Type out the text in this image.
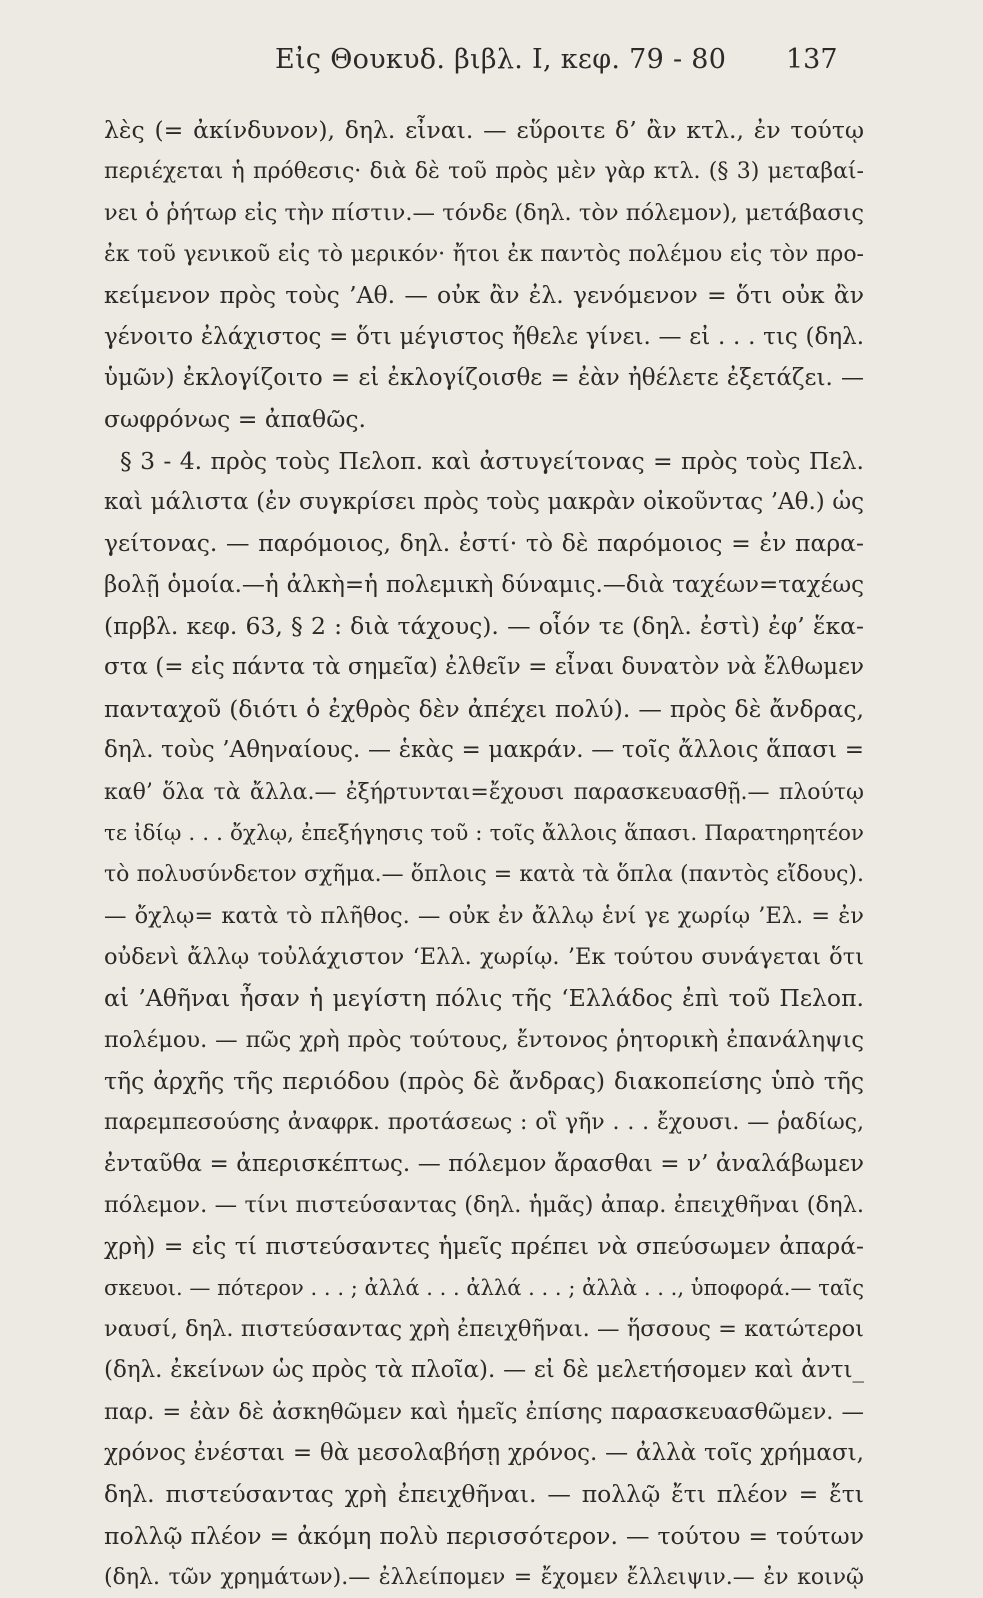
Εἰς Θουκυδ. βιβλ. I, κεφ. 79 - 80 137
λὲς (= ἀκίνδυνον), δηλ. εἶναι. — εὕροιτε δ’ ἂν κτλ., ἐν τούτῳ
περιέχεται ἡ πρόθεσις· διὰ δὲ τοῦ πρὸς μὲν γὰρ κτλ. (§ 3) μεταβαί-
νει ὁ ῥήτωρ εἰς τὴν πίστιν.— τόνδε (δηλ. τὸν πόλεμον), μετάβασις
ἐκ τοῦ γενικοῦ εἰς τὸ μερικόν· ἤτοι ἐκ παντὸς πολέμου εἰς τὸν προ-
κείμενον πρὸς τοὺς ’Αθ. — οὐκ ἂν ἐλ. γενόμενον = ὅτι οὐκ ἂν
γένοιτο ἐλάχιστος = ὅτι μέγιστος ἤθελε γίνει. — εἰ . . . τις (δηλ.
ὑμῶν) ἐκλογίζοιτο = εἰ ἐκλογίζοισθε = ἐὰν ἠθέλετε ἐξετάζει. —
σωφρόνως = ἀπαθῶς.
§ 3 - 4. πρὸς τοὺς Πελοπ. καὶ ἀστυγείτονας = πρὸς τοὺς Πελ.
καὶ μάλιστα (ἐν συγκρίσει πρὸς τοὺς μακρὰν οἰκοῦντας ’Αθ.) ὡς
γείτονας. — παρόμοιος, δηλ. ἐστί· τὸ δὲ παρόμοιος = ἐν παρα-
βολῇ ὁμοία.—ἡ ἀλκὴ=ἡ πολεμικὴ δύναμις.—διὰ ταχέων=ταχέως
(πρβλ. κεφ. 63, § 2 : διὰ τάχους). — οἷόν τε (δηλ. ἐστὶ) ἐφ’ ἕκα-
στα (= εἰς πάντα τὰ σημεῖα) ἐλθεῖν = εἶναι δυνατὸν νὰ ἔλθωμεν
πανταχοῦ (διότι ὁ ἐχθρὸς δὲν ἀπέχει πολύ). — πρὸς δὲ ἄνδρας,
δηλ. τοὺς ’Αθηναίους. — ἑκὰς = μακράν. — τοῖς ἄλλοις ἅπασι =
καθ’ ὅλα τὰ ἄλλα.— ἐξήρτυνται=ἔχουσι παρασκευασθῇ.— πλούτῳ
τε ἰδίῳ . . . ὄχλῳ, ἐπεξήγησις τοῦ : τοῖς ἄλλοις ἅπασι. Παρατηρητέον
τὸ πολυσύνδετον σχῆμα.— ὅπλοις = κατὰ τὰ ὅπλα (παντὸς εἴδους).
— ὄχλῳ= κατὰ τὸ πλῆθος. — οὐκ ἐν ἄλλῳ ἑνί γε χωρίῳ ’Ελ. = ἐν
οὐδενὶ ἄλλῳ τοὐλάχιστον ‘Ελλ. χωρίῳ. ’Εκ τούτου συνάγεται ὅτι
αἱ ’Αθῆναι ἦσαν ἡ μεγίστη πόλις τῆς ‘Ελλάδος ἐπὶ τοῦ Πελοπ.
πολέμου. — πῶς χρὴ πρὸς τούτους, ἔντονος ῥητορικὴ ἐπανάληψις
τῆς ἀρχῆς τῆς περιόδου (πρὸς δὲ ἄνδρας) διακοπείσης ὑπὸ τῆς
παρεμπεσούσης ἀναφρκ. προτάσεως : οἳ γῆν . . . ἔχουσι. — ῥαδίως,
ἐνταῦθα = ἀπερισκέπτως. — πόλεμον ἄρασθαι = ν’ ἀναλάβωμεν
πόλεμον. — τίνι πιστεύσαντας (δηλ. ἡμᾶς) ἀπαρ. ἐπειχθῆναι (δηλ.
χρὴ) = εἰς τί πιστεύσαντες ἡμεῖς πρέπει νὰ σπεύσωμεν ἀπαρά-
σκευοι. — πότερον . . . ; ἀλλά . . . ἀλλά . . . ; ἀλλὰ . . ., ὑποφορά.— ταῖς
ναυσί, δηλ. πιστεύσαντας χρὴ ἐπειχθῆναι. — ἥσσους = κατώτεροι
(δηλ. ἐκείνων ὡς πρὸς τὰ πλοῖα). — εἰ δὲ μελετήσομεν καὶ ἀντι_
παρ. = ἐὰν δὲ ἀσκηθῶμεν καὶ ἡμεῖς ἐπίσης παρασκευασθῶμεν. —
χρόνος ἐνέσται = θὰ μεσολαβήσῃ χρόνος. — ἀλλὰ τοῖς χρήμασι,
δηλ. πιστεύσαντας χρὴ ἐπειχθῆναι. — πολλῷ ἔτι πλέον = ἔτι
πολλῷ πλέον = ἀκόμη πολὺ περισσότερον. — τούτου = τούτων
(δηλ. τῶν χρημάτων).— ἐλλείπομεν = ἔχομεν ἔλλειψιν.— ἐν κοινῷ
